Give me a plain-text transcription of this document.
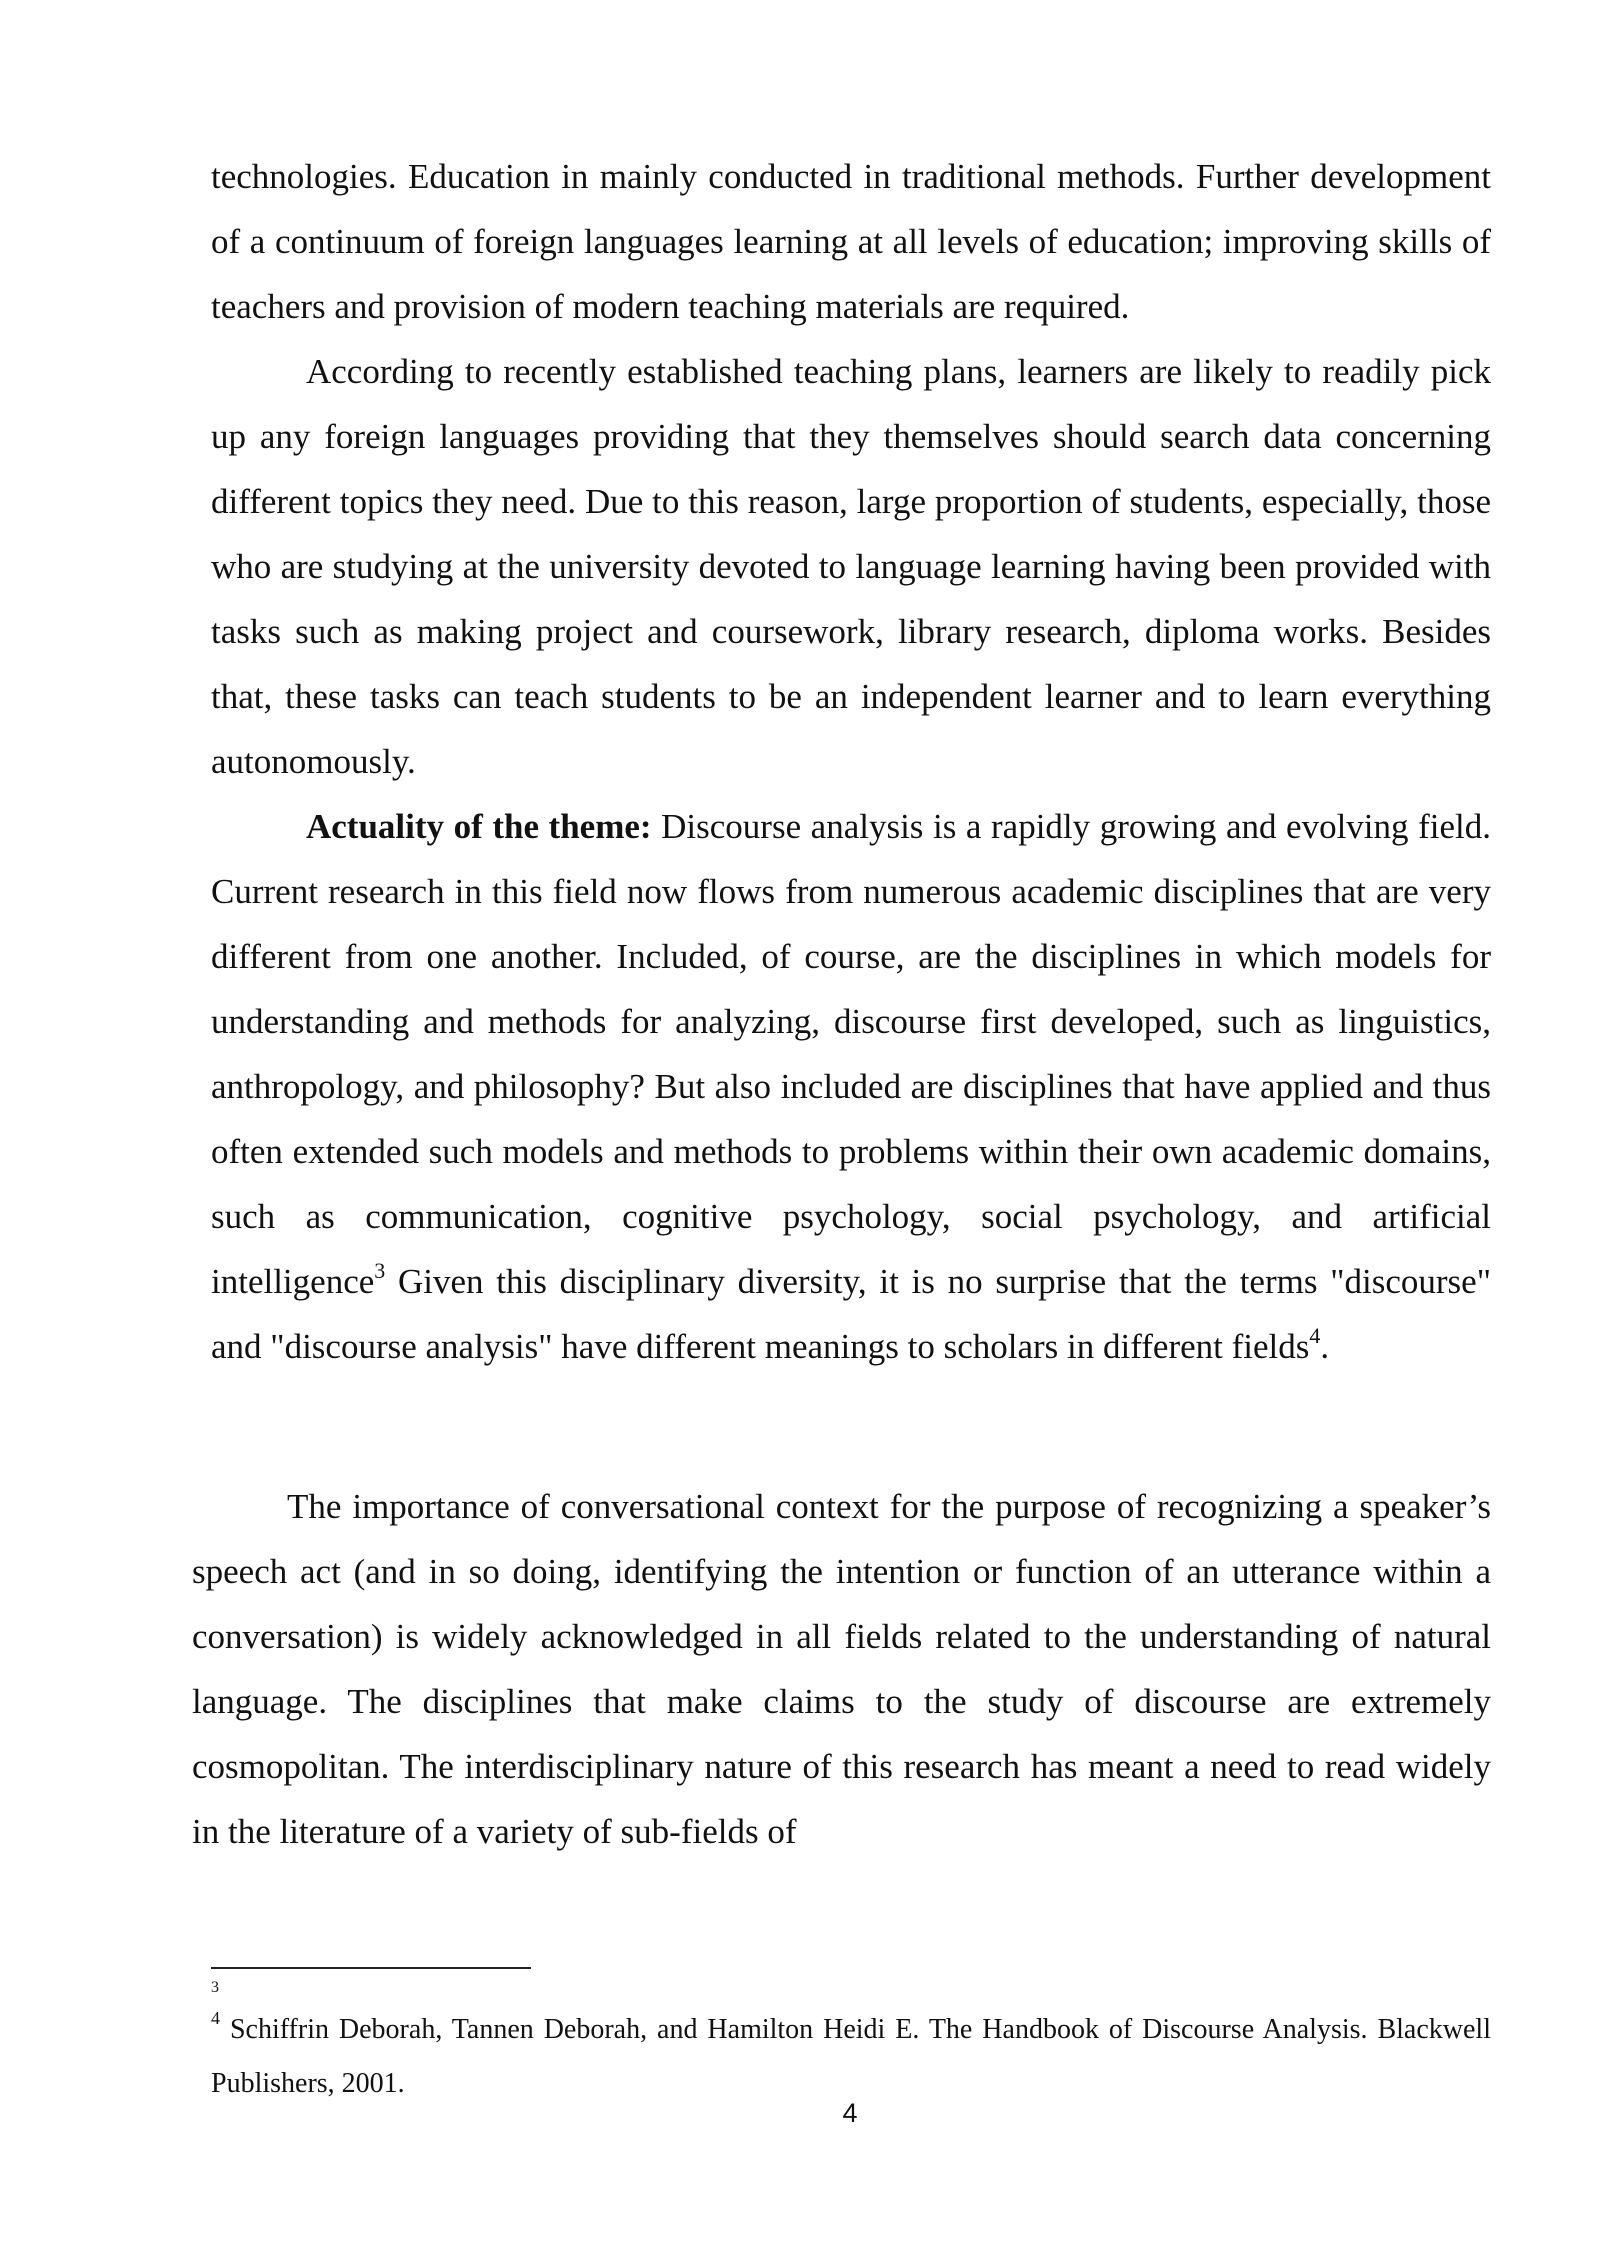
technologies. Education in mainly conducted in traditional methods. Further development of a continuum of foreign languages learning at all levels of education; improving skills of teachers and provision of modern teaching materials are required.

According to recently established teaching plans, learners are likely to readily pick up any foreign languages providing that they themselves should search data concerning different topics they need. Due to this reason, large proportion of students, especially, those who are studying at the university devoted to language learning having been provided with tasks such as making project and coursework, library research, diploma works. Besides that, these tasks can teach students to be an independent learner and to learn everything autonomously.

Actuality of the theme: Discourse analysis is a rapidly growing and evolving field. Current research in this field now flows from numerous academic disciplines that are very different from one another. Included, of course, are the disciplines in which models for understanding and methods for analyzing, discourse first developed, such as linguistics, anthropology, and philosophy? But also included are disciplines that have applied and thus often extended such models and methods to problems within their own academic domains, such as communication, cognitive psychology, social psychology, and artificial intelligence$^3$ Given this disciplinary diversity, it is no surprise that the terms "discourse" and "discourse analysis" have different meanings to scholars in different fields$^4$.

The importance of conversational context for the purpose of recognizing a speaker’s speech act (and in so doing, identifying the intention or function of an utterance within a conversation) is widely acknowledged in all fields related to the understanding of natural language. The disciplines that make claims to the study of discourse are extremely cosmopolitan. The interdisciplinary nature of this research has meant a need to read widely in the literature of a variety of sub-fields of

3
$^4$ Schiffrin Deborah, Tannen Deborah, and Hamilton Heidi E. The Handbook of Discourse Analysis. Blackwell Publishers, 2001.
4
